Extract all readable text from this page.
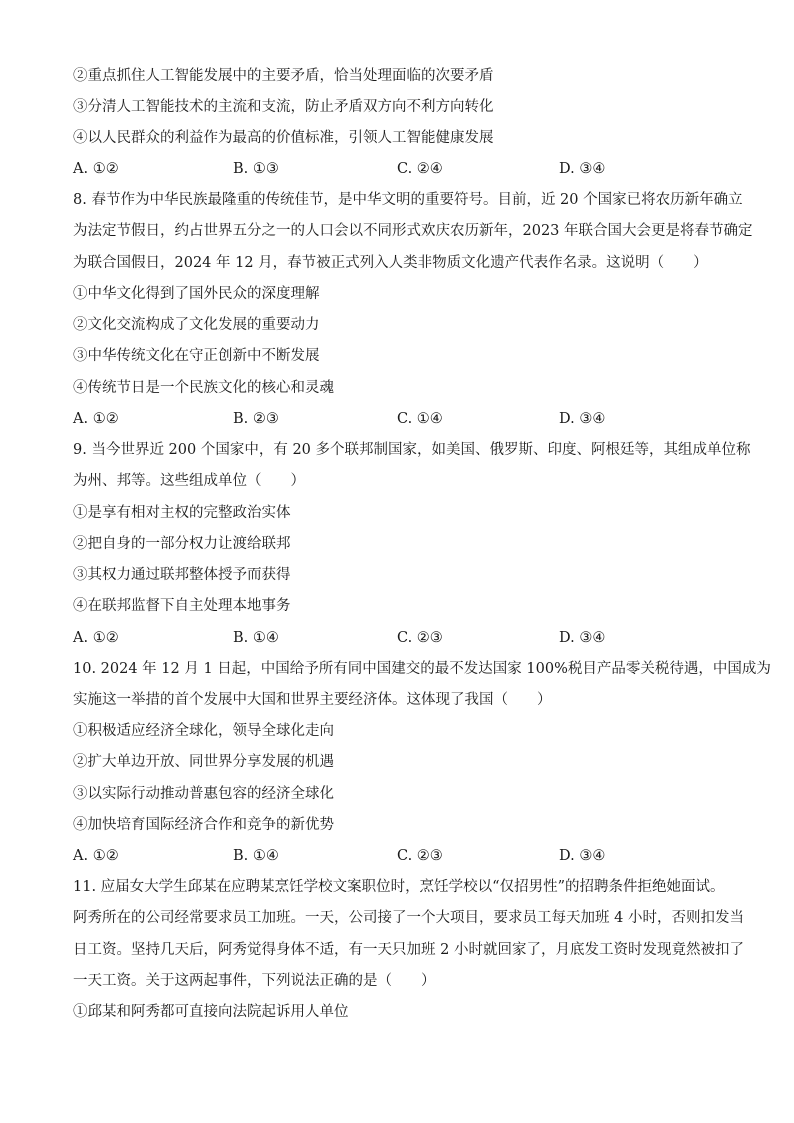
②重点抓住人工智能发展中的主要矛盾，恰当处理面临的次要矛盾
③分清人工智能技术的主流和支流，防止矛盾双方向不利方向转化
④以人民群众的利益作为最高的价值标准，引领人工智能健康发展
A. ①②	B. ①③	C. ②④	D. ③④
8. 春节作为中华民族最隆重的传统佳节，是中华文明的重要符号。目前，近 20 个国家已将农历新年确立
为法定节假日，约占世界五分之一的人口会以不同形式欢庆农历新年，2023 年联合国大会更是将春节确定
为联合国假日，2024 年 12 月，春节被正式列入人类非物质文化遗产代表作名录。这说明（　　）
①中华文化得到了国外民众的深度理解
②文化交流构成了文化发展的重要动力
③中华传统文化在守正创新中不断发展
④传统节日是一个民族文化的核心和灵魂
A. ①②	B. ②③	C. ①④	D. ③④
9. 当今世界近 200 个国家中，有 20 多个联邦制国家，如美国、俄罗斯、印度、阿根廷等，其组成单位称
为州、邦等。这些组成单位（　　）
①是享有相对主权的完整政治实体
②把自身的一部分权力让渡给联邦
③其权力通过联邦整体授予而获得
④在联邦监督下自主处理本地事务
A. ①②	B. ①④	C. ②③	D. ③④
10. 2024 年 12 月 1 日起，中国给予所有同中国建交的最不发达国家 100%税目产品零关税待遇，中国成为
实施这一举措的首个发展中大国和世界主要经济体。这体现了我国（　　）
①积极适应经济全球化，领导全球化走向
②扩大单边开放、同世界分享发展的机遇
③以实际行动推动普惠包容的经济全球化
④加快培育国际经济合作和竞争的新优势
A. ①②	B. ①④	C. ②③	D. ③④
11. 应届女大学生邱某在应聘某烹饪学校文案职位时，烹饪学校以“仅招男性”的招聘条件拒绝她面试。
阿秀所在的公司经常要求员工加班。一天，公司接了一个大项目，要求员工每天加班 4 小时，否则扣发当
日工资。坚持几天后，阿秀觉得身体不适，有一天只加班 2 小时就回家了，月底发工资时发现竟然被扣了
一天工资。关于这两起事件，下列说法正确的是（　　）
①邱某和阿秀都可直接向法院起诉用人单位
